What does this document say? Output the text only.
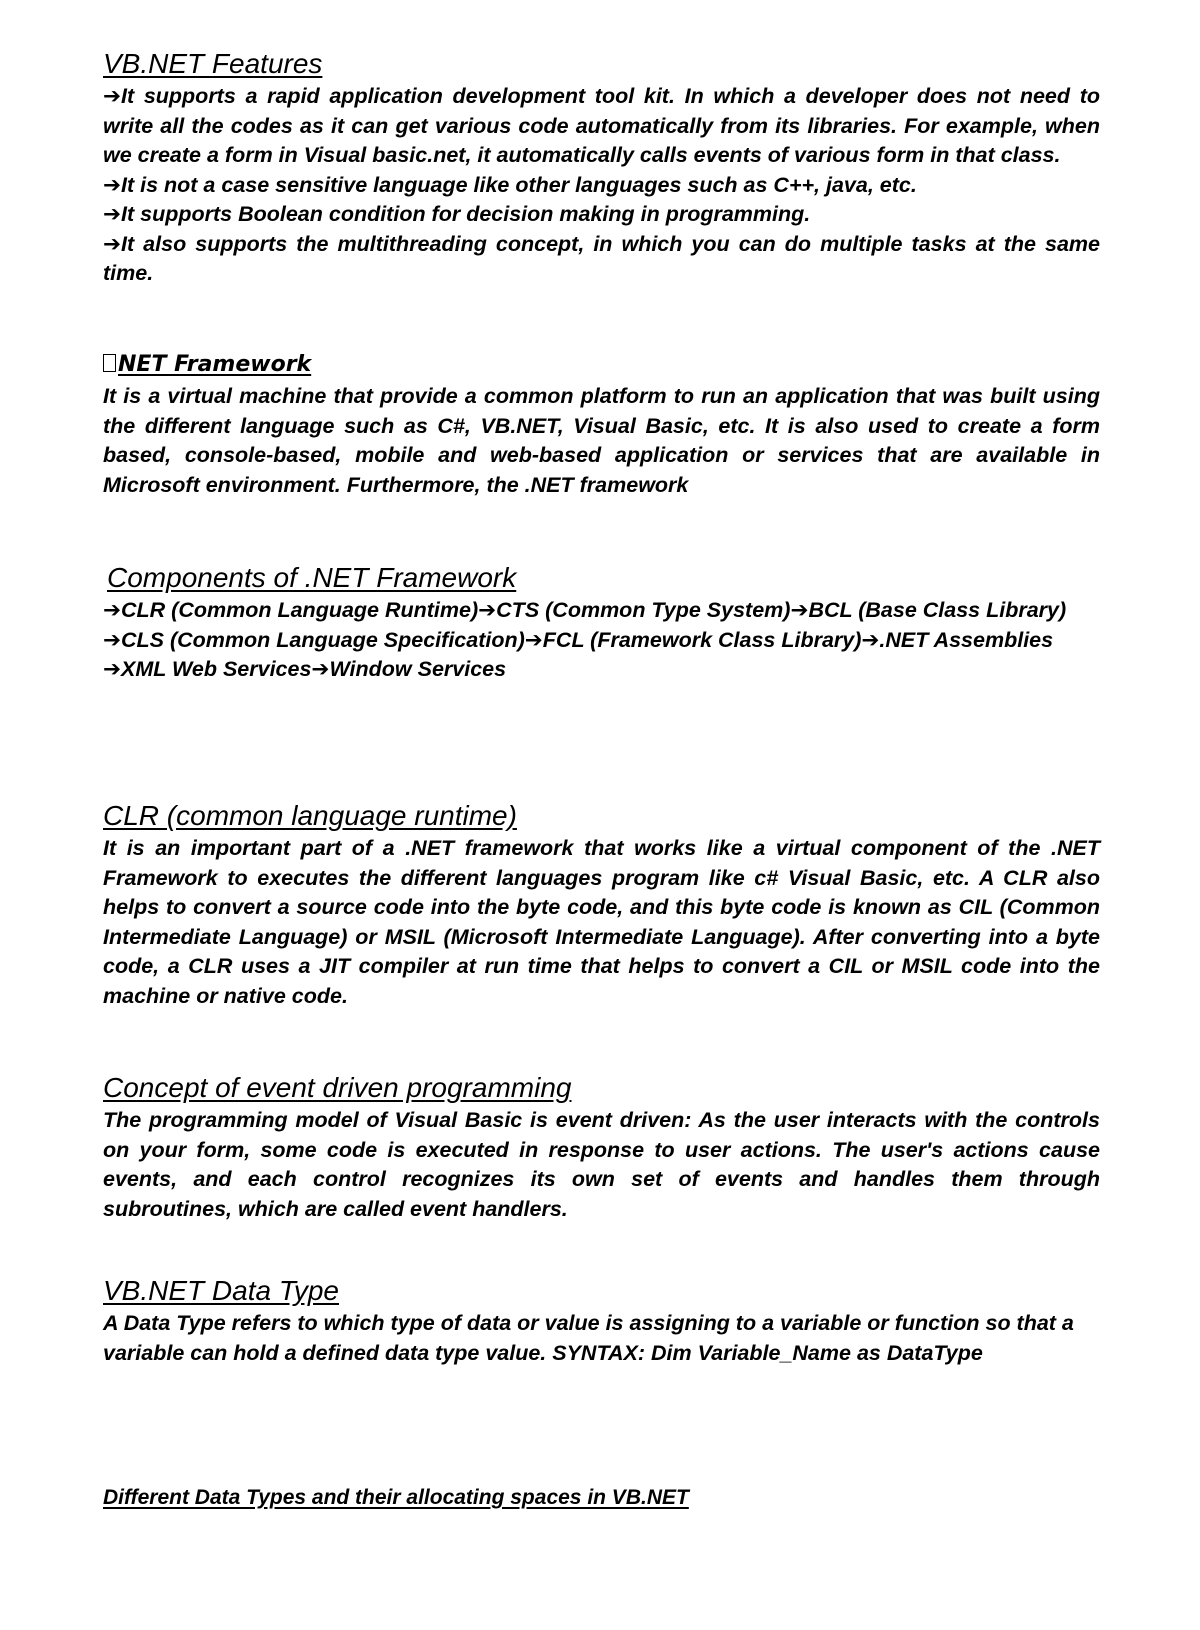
VB.NET Features

➔It supports a rapid application development tool kit. In which a developer does not need to write all the codes as it can get various code automatically from its libraries. For example, when we create a form in Visual basic.net, it automatically calls events of various form in that class.

➔It is not a case sensitive language like other languages such as C++, java, etc.

➔It supports Boolean condition for decision making in programming.

➔It also supports the multithreading concept, in which you can do multiple tasks at the same time.

NET Framework

It is a virtual machine that provide a common platform to run an application that was built using the different language such as C#, VB.NET, Visual Basic, etc. It is also used to create a form based, console-based, mobile and web-based application or services that are available in Microsoft environment. Furthermore, the .NET framework

Components of .NET Framework

➔CLR (Common Language Runtime)➔CTS (Common Type System)➔BCL (Base Class Library)

➔CLS (Common Language Specification)➔FCL (Framework Class Library)➔.NET Assemblies

➔XML Web Services➔Window Services

CLR (common language runtime)

It is an important part of a .NET framework that works like a virtual component of the .NET Framework to executes the different languages program like c# Visual Basic, etc. A CLR also helps to convert a source code into the byte code, and this byte code is known as CIL (Common Intermediate Language) or MSIL (Microsoft Intermediate Language). After converting into a byte code, a CLR uses a JIT compiler at run time that helps to convert a CIL or MSIL code into the machine or native code.

Concept of event driven programming

The programming model of Visual Basic is event driven: As the user interacts with the controls on your form, some code is executed in response to user actions. The user's actions cause events, and each control recognizes its own set of events and handles them through subroutines, which are called event handlers.

VB.NET Data Type

A Data Type refers to which type of data or value is assigning to a variable or function so that a

variable can hold a defined data type value. SYNTAX: Dim Variable_Name as DataType

Different Data Types and their allocating spaces in VB.NET
